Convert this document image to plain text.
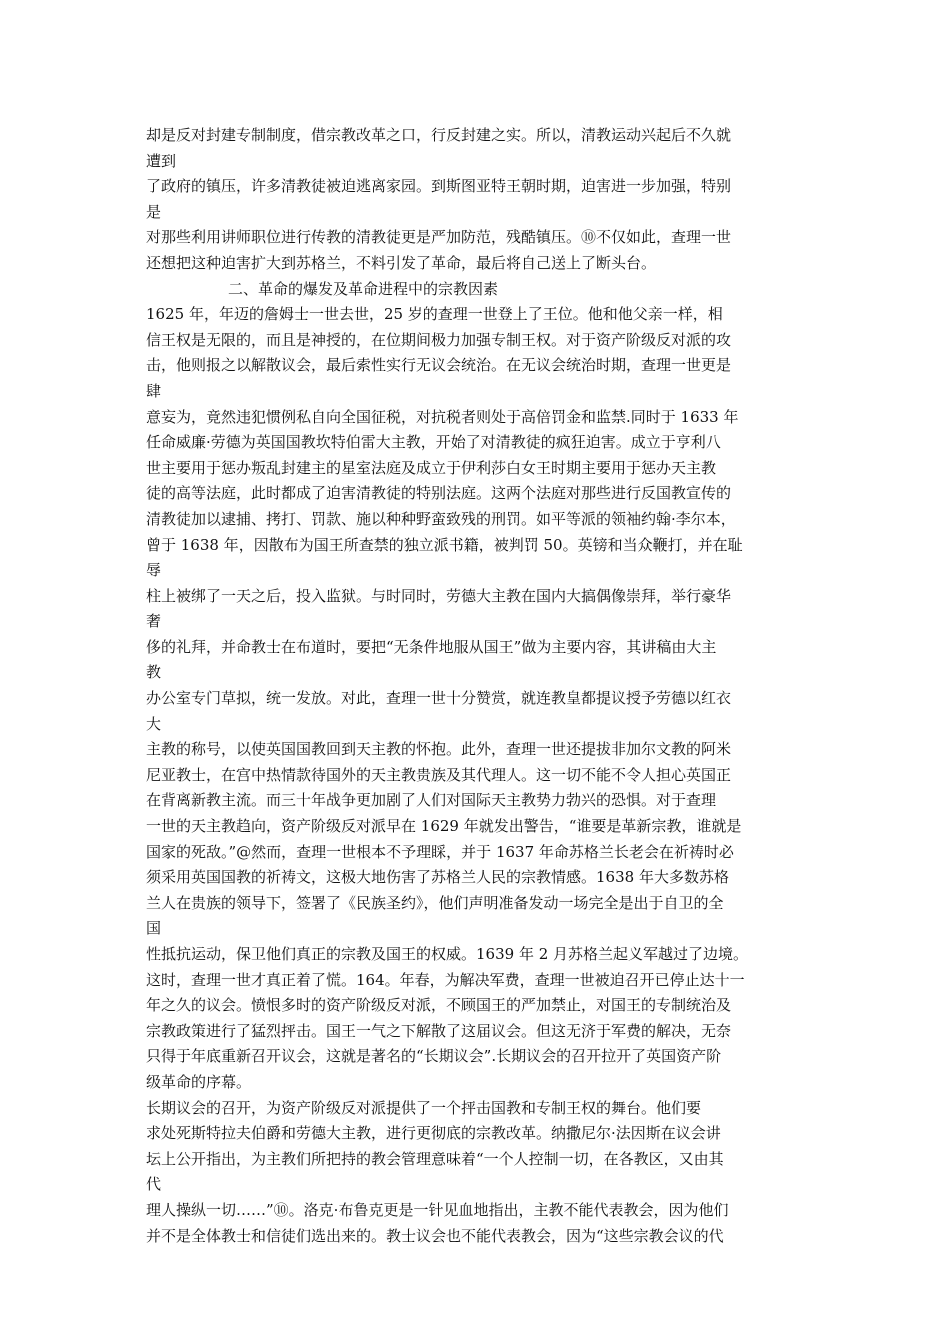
却是反对封建专制制度，借宗教改革之口，行反封建之实。所以，清教运动兴起后不久就
遭到
了政府的镇压，许多清教徒被迫逃离家园。到斯图亚特王朝时期，迫害进一步加强，特别
是
对那些利用讲师职位进行传教的清教徒更是严加防范，残酷镇压。⑩不仅如此，查理一世
还想把这种迫害扩大到苏格兰，不料引发了革命，最后将自己送上了断头台。
二、革命的爆发及革命进程中的宗教因素
1625 年，年迈的詹姆士一世去世，25 岁的查理一世登上了王位。他和他父亲一样，相
信王权是无限的，而且是神授的，在位期间极力加强专制王权。对于资产阶级反对派的攻
击，他则报之以解散议会，最后索性实行无议会统治。在无议会统治时期，查理一世更是
肆
意妄为，竟然违犯惯例私自向全国征税，对抗税者则处于高倍罚金和监禁.同时于 1633 年
任命威廉·劳德为英国国教坎特伯雷大主教，开始了对清教徒的疯狂迫害。成立于亨利八
世主要用于惩办叛乱封建主的星室法庭及成立于伊利莎白女王时期主要用于惩办天主教
徒的高等法庭，此时都成了迫害清教徒的特别法庭。这两个法庭对那些进行反国教宣传的
清教徒加以逮捕、拷打、罚款、施以种种野蛮致残的刑罚。如平等派的领袖约翰·李尔本，
曾于 1638 年，因散布为国王所查禁的独立派书籍，被判罚 50。英镑和当众鞭打，并在耻
辱
柱上被绑了一天之后，投入监狱。与时同时，劳德大主教在国内大搞偶像崇拜，举行豪华
奢
侈的礼拜，并命教士在布道时，要把“无条件地服从国王”做为主要内容，其讲稿由大主
教
办公室专门草拟，统一发放。对此，查理一世十分赞赏，就连教皇都提议授予劳德以红衣
大
主教的称号，以使英国国教回到天主教的怀抱。此外，查理一世还提拔非加尔文教的阿米
尼亚教士，在宫中热情款待国外的天主教贵族及其代理人。这一切不能不令人担心英国正
在背离新教主流。而三十年战争更加剧了人们对国际天主教势力勃兴的恐惧。对于查理
一世的天主教趋向，资产阶级反对派早在 1629 年就发出警告，“谁要是革新宗教，谁就是
国家的死敌。”@然而，查理一世根本不予理睬，并于 1637 年命苏格兰长老会在祈祷时必
须采用英国国教的祈祷文，这极大地伤害了苏格兰人民的宗教情感。1638 年大多数苏格
兰人在贵族的领导下，签署了《民族圣约》，他们声明准备发动一场完全是出于自卫的全
国
性抵抗运动，保卫他们真正的宗教及国王的权威。1639 年 2 月苏格兰起义军越过了边境。
这时，查理一世才真正着了慌。164。年春，为解决军费，查理一世被迫召开已停止达十一
年之久的议会。愤恨多时的资产阶级反对派，不顾国王的严加禁止，对国王的专制统治及
宗教政策进行了猛烈抨击。国王一气之下解散了这届议会。但这无济于军费的解决，无奈
只得于年底重新召开议会，这就是著名的“长期议会”.长期议会的召开拉开了英国资产阶
级革命的序幕。
长期议会的召开，为资产阶级反对派提供了一个抨击国教和专制王权的舞台。他们要
求处死斯特拉夫伯爵和劳德大主教，进行更彻底的宗教改革。纳撒尼尔·法因斯在议会讲
坛上公开指出，为主教们所把持的教会管理意味着“一个人控制一切，在各教区，又由其
代
理人操纵一切……”⑩。洛克·布鲁克更是一针见血地指出，主教不能代表教会，因为他们
并不是全体教士和信徒们选出来的。教士议会也不能代表教会，因为“这些宗教会议的代
